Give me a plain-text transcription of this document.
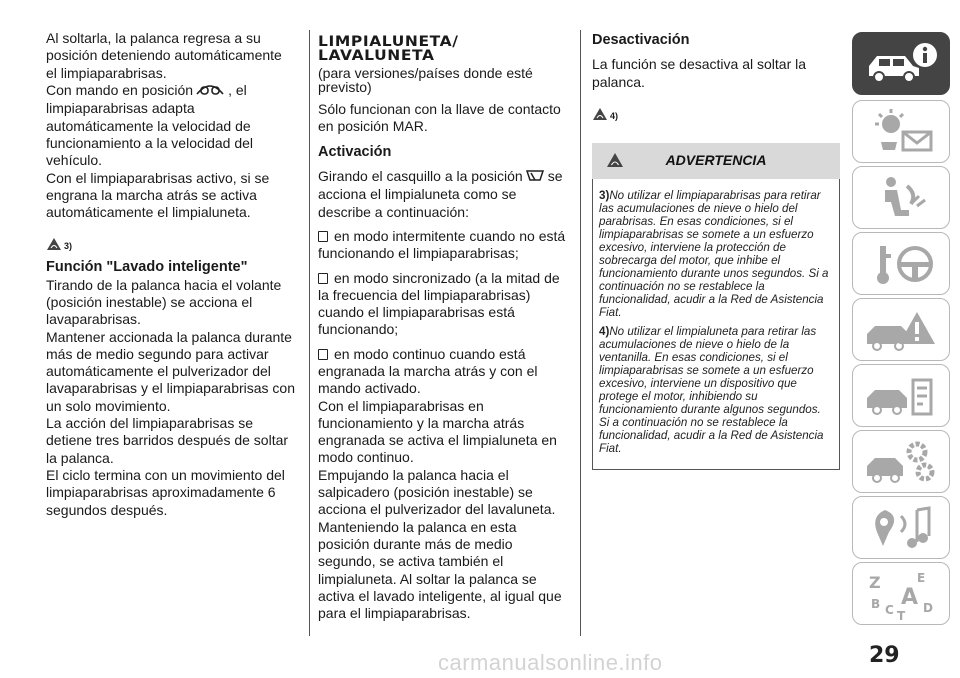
Al soltarla, la palanca regresa a su posición deteniendo automáticamente el limpiaparabrisas.

Con mando en posición	, el limpiaparabrisas adapta automáticamente la velocidad de funcionamiento a la velocidad del vehículo.

Con el limpiaparabrisas activo, si se engrana la marcha atrás se activa automáticamente el limpialuneta.

3)

Función "Lavado inteligente"

Tirando de la palanca hacia el volante (posición inestable) se acciona el lavaparabrisas.

Mantener accionada la palanca durante más de medio segundo para activar automáticamente el pulverizador del lavaparabrisas y el limpiaparabrisas con un solo movimiento.

La acción del limpiaparabrisas se detiene tres barridos después de soltar la palanca.

El ciclo termina con un movimiento del limpiaparabrisas aproximadamente 6 segundos después.

LIMPIALUNETA/
LAVALUNETA

(para versiones/países donde esté previsto)

Sólo funcionan con la llave de contacto en posición MAR.

Activación

Girando el casquillo a la posición se acciona el limpialuneta como se describe a continuación:

en modo intermitente cuando no está funcionando el limpiaparabrisas;

en modo sincronizado (a la mitad de la frecuencia del limpiaparabrisas) cuando el limpiaparabrisas está funcionando;

en modo continuo cuando está engranada la marcha atrás y con el mando activado.

Con el limpiaparabrisas en funcionamiento y la marcha atrás engranada se activa el limpialuneta en modo continuo.

Empujando la palanca hacia el salpicadero (posición inestable) se acciona el pulverizador del lavaluneta.

Manteniendo la palanca en esta posición durante más de medio segundo, se activa también el limpialuneta. Al soltar la palanca se activa el lavado inteligente, al igual que para el limpiaparabrisas.

Desactivación

La función se desactiva al soltar la palanca.

4)
ADVERTENCIA

3)No utilizar el limpiaparabrisas para retirar las acumulaciones de nieve o hielo del parabrisas. En esas condiciones, si el limpiaparabrisas se somete a un esfuerzo excesivo, interviene la protección de sobrecarga del motor, que inhibe el funcionamiento durante unos segundos. Si a continuación no se restablece la funcionalidad, acudir a la Red de Asistencia Fiat.

4)No utilizar el limpialuneta para retirar las acumulaciones de nieve o hielo de la ventanilla. En esas condiciones, si el limpiaparabrisas se somete a un esfuerzo excesivo, interviene un dispositivo que protege el motor, inhibiendo su funcionamiento durante algunos segundos. Si a continuación no se restablece la funcionalidad, acudir a la Red de Asistencia Fiat.

Z	E
B A
C D
T
29
carmanualsonline.info
